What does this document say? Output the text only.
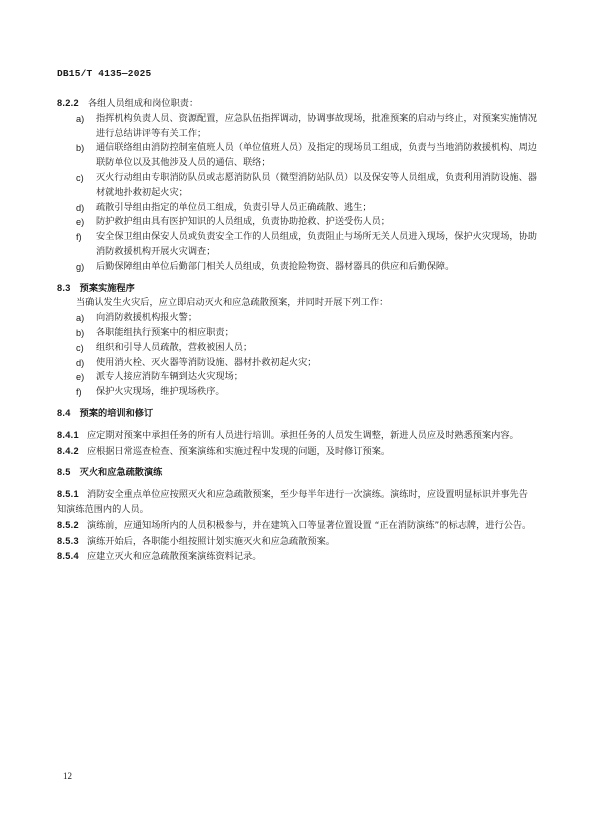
DB15/T 4135—2025

8.2.2 各组人员组成和岗位职责：

a)	指挥机构负责人员、资源配置，应急队伍指挥调动，协调事故现场，批准预案的启动与终止，对预案实施情况进行总结讲评等有关工作；
b)	通信联络组由消防控制室值班人员（单位值班人员）及指定的现场员工组成，负责与当地消防救援机构、周边联防单位以及其他涉及人员的通信、联络；
c)	灭火行动组由专职消防队员或志愿消防队员（微型消防站队员）以及保安等人员组成，负责利用消防设施、器材就地扑救初起火灾；
d)	疏散引导组由指定的单位员工组成，负责引导人员正确疏散、逃生；
e)	防护救护组由具有医护知识的人员组成，负责协助抢救、护送受伤人员；
f)	安全保卫组由保安人员或负责安全工作的人员组成，负责阻止与场所无关人员进入现场，保护火灾现场，协助消防救援机构开展火灾调查；
g)	后勤保障组由单位后勤部门相关人员组成，负责抢险物资、器材器具的供应和后勤保障。

8.3 预案实施程序

当确认发生火灾后，应立即启动灭火和应急疏散预案，并同时开展下列工作：

a)	向消防救援机构报火警；
b)	各职能组执行预案中的相应职责；
c)	组织和引导人员疏散，营救被困人员；
d)	使用消火栓、灭火器等消防设施、器材扑救初起火灾；
e)	派专人接应消防车辆到达火灾现场；
f)	保护火灾现场，维护现场秩序。

8.4 预案的培训和修订

8.4.1 应定期对预案中承担任务的所有人员进行培训。承担任务的人员发生调整，新进人员应及时熟悉预案内容。

8.4.2 应根据日常巡查检查、预案演练和实施过程中发现的问题，及时修订预案。

8.5 灭火和应急疏散演练

8.5.1 消防安全重点单位应按照灭火和应急疏散预案，至少每半年进行一次演练。演练时，应设置明显标识并事先告知演练范围内的人员。

8.5.2 演练前，应通知场所内的人员积极参与，并在建筑入口等显著位置设置 “正在消防演练”的标志牌，进行公告。

8.5.3 演练开始后，各职能小组按照计划实施灭火和应急疏散预案。

8.5.4 应建立灭火和应急疏散预案演练资料记录。

12
